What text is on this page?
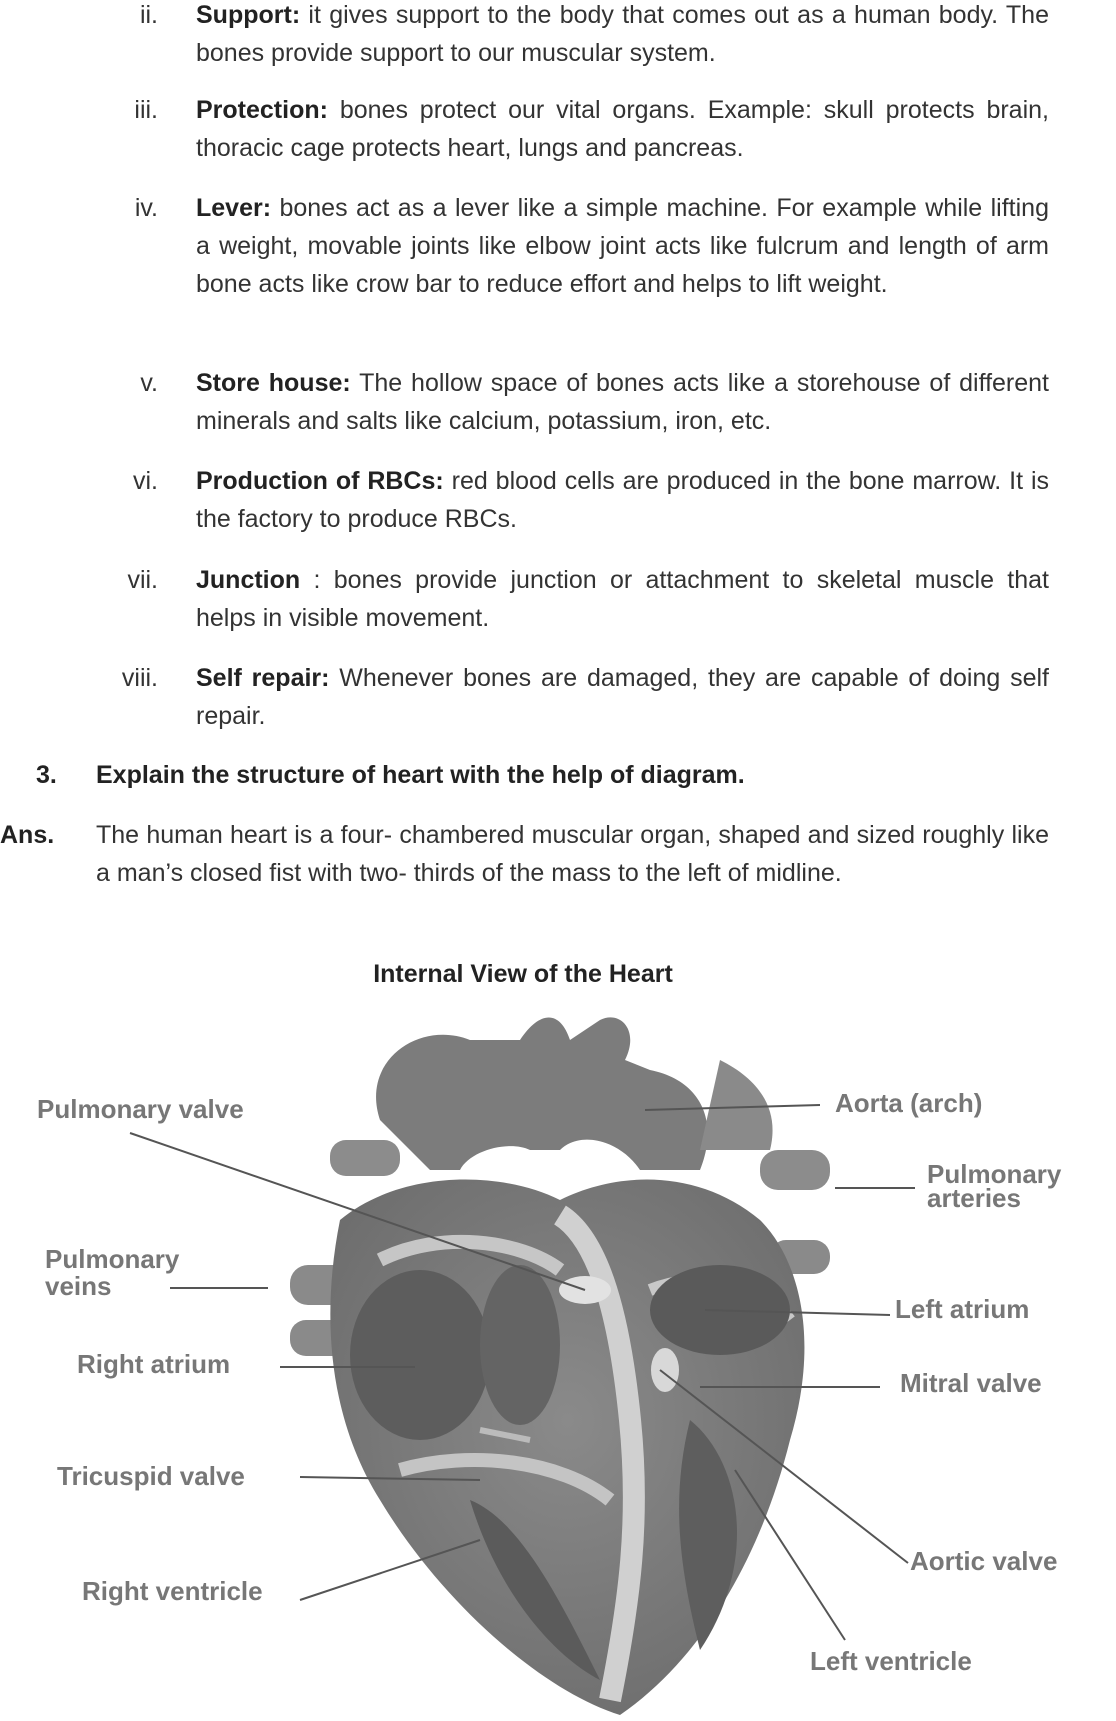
ii. Support: it gives support to the body that comes out as a human body. The bones provide support to our muscular system.
iii. Protection: bones protect our vital organs. Example: skull protects brain, thoracic cage protects heart, lungs and pancreas.
iv. Lever: bones act as a lever like a simple machine. For example while lifting a weight, movable joints like elbow joint acts like fulcrum and length of arm bone acts like crow bar to reduce effort and helps to lift weight.
v. Store house: The hollow space of bones acts like a storehouse of different minerals and salts like calcium, potassium, iron, etc.
vi. Production of RBCs: red blood cells are produced in the bone marrow. It is the factory to produce RBCs.
vii. Junction : bones provide junction or attachment to skeletal muscle that helps in visible movement.
viii. Self repair: Whenever bones are damaged, they are capable of doing self repair.
3. Explain the structure of heart with the help of diagram.
Ans. The human heart is a four- chambered muscular organ, shaped and sized roughly like a man’s closed fist with two- thirds of the mass to the left of midline.
Internal View of the Heart
Pulmonary valve	Aorta (arch)
Pulmonary
arteries
Pulmonary
veins
Left atrium
Right atrium
Mitral valve
Tricuspid valve
Aortic valve
Right ventricle
Left ventricle
